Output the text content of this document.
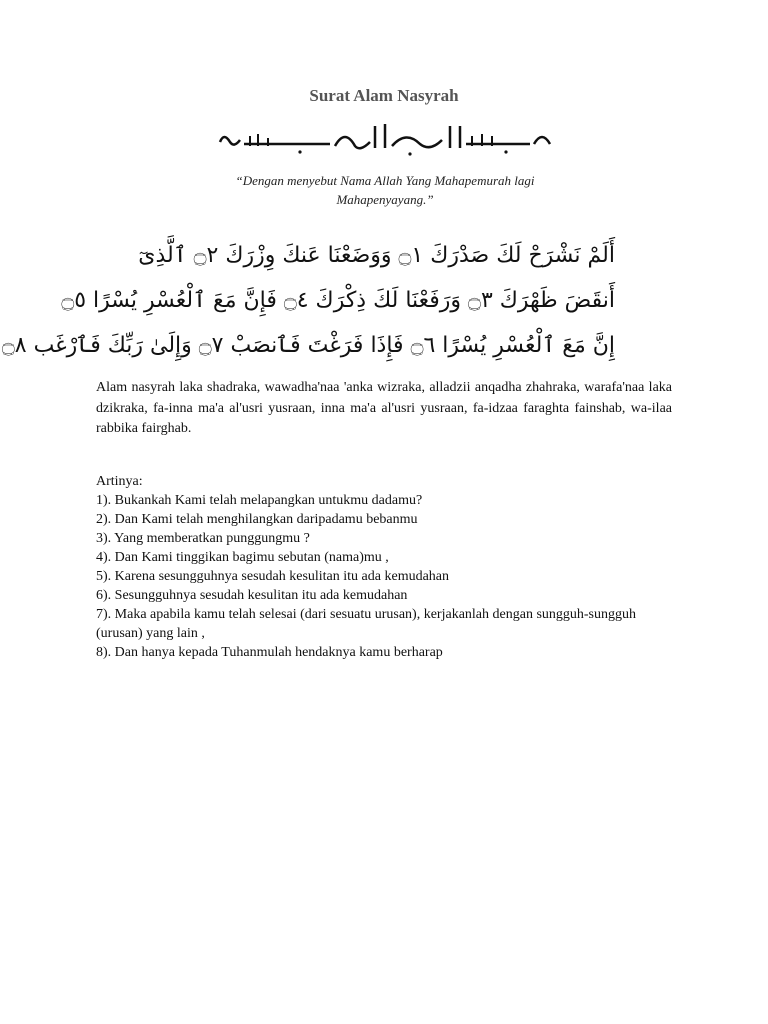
Surat Alam Nasyrah
“Dengan menyebut Nama Allah Yang Mahapemurah lagi Mahapenyayang.”
أَلَمْ نَشْرَحْ لَكَ صَدْرَكَ ۝١ وَوَضَعْنَا عَنكَ وِزْرَكَ ۝٢ ٱلَّذِىٓ
أَنقَضَ ظَهْرَكَ ۝٣ وَرَفَعْنَا لَكَ ذِكْرَكَ ۝٤ فَإِنَّ مَعَ ٱلْعُسْرِ يُسْرًا ۝٥
إِنَّ مَعَ ٱلْعُسْرِ يُسْرًا ۝٦ فَإِذَا فَرَغْتَ فَٱنصَبْ ۝٧ وَإِلَىٰ رَبِّكَ فَٱرْغَب ۝٨
Alam nasyrah laka shadraka, wawadha'naa 'anka wizraka, alladzii anqadha zhahraka, warafa'naa laka dzikraka, fa-inna ma'a al'usri yusraan, inna ma'a al'usri yusraan, fa-idzaa faraghta fainshab, wa-ilaa rabbika fairghab.
Artinya:
1). Bukankah Kami telah melapangkan untukmu dadamu?
2). Dan Kami telah menghilangkan daripadamu bebanmu
3). Yang memberatkan punggungmu ?
4). Dan Kami tinggikan bagimu sebutan (nama)mu ,
5). Karena sesungguhnya sesudah kesulitan itu ada kemudahan
6). Sesungguhnya sesudah kesulitan itu ada kemudahan
7). Maka apabila kamu telah selesai (dari sesuatu urusan), kerjakanlah dengan sungguh-sungguh (urusan) yang lain ,
8). Dan hanya kepada Tuhanmulah hendaknya kamu berharap
